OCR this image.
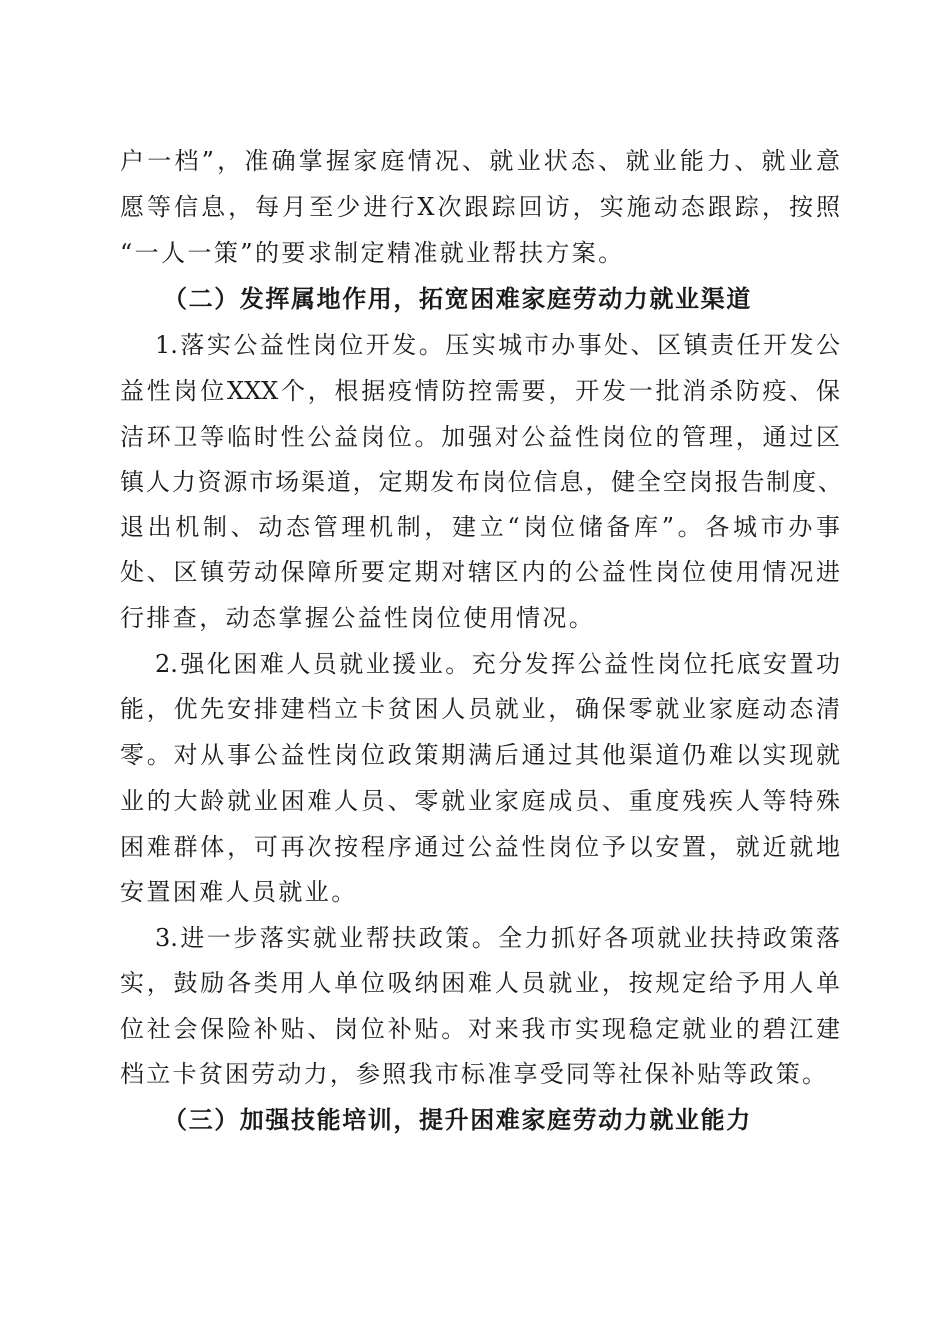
户一档”，准确掌握家庭情况、就业状态、就业能力、就业意
愿等信息，每月至少进行X次跟踪回访，实施动态跟踪，按照
“一人一策”的要求制定精准就业帮扶方案。
（二）发挥属地作用，拓宽困难家庭劳动力就业渠道
1.落实公益性岗位开发。压实城市办事处、区镇责任开发公
益性岗位XXX个，根据疫情防控需要，开发一批消杀防疫、保
洁环卫等临时性公益岗位。加强对公益性岗位的管理，通过区
镇人力资源市场渠道，定期发布岗位信息，健全空岗报告制度、
退出机制、动态管理机制，建立“岗位储备库”。各城市办事
处、区镇劳动保障所要定期对辖区内的公益性岗位使用情况进
行排查，动态掌握公益性岗位使用情况。
2.强化困难人员就业援业。充分发挥公益性岗位托底安置功
能，优先安排建档立卡贫困人员就业，确保零就业家庭动态清
零。对从事公益性岗位政策期满后通过其他渠道仍难以实现就
业的大龄就业困难人员、零就业家庭成员、重度残疾人等特殊
困难群体，可再次按程序通过公益性岗位予以安置，就近就地
安置困难人员就业。
3.进一步落实就业帮扶政策。全力抓好各项就业扶持政策落
实，鼓励各类用人单位吸纳困难人员就业，按规定给予用人单
位社会保险补贴、岗位补贴。对来我市实现稳定就业的碧江建
档立卡贫困劳动力，参照我市标准享受同等社保补贴等政策。
（三）加强技能培训，提升困难家庭劳动力就业能力
